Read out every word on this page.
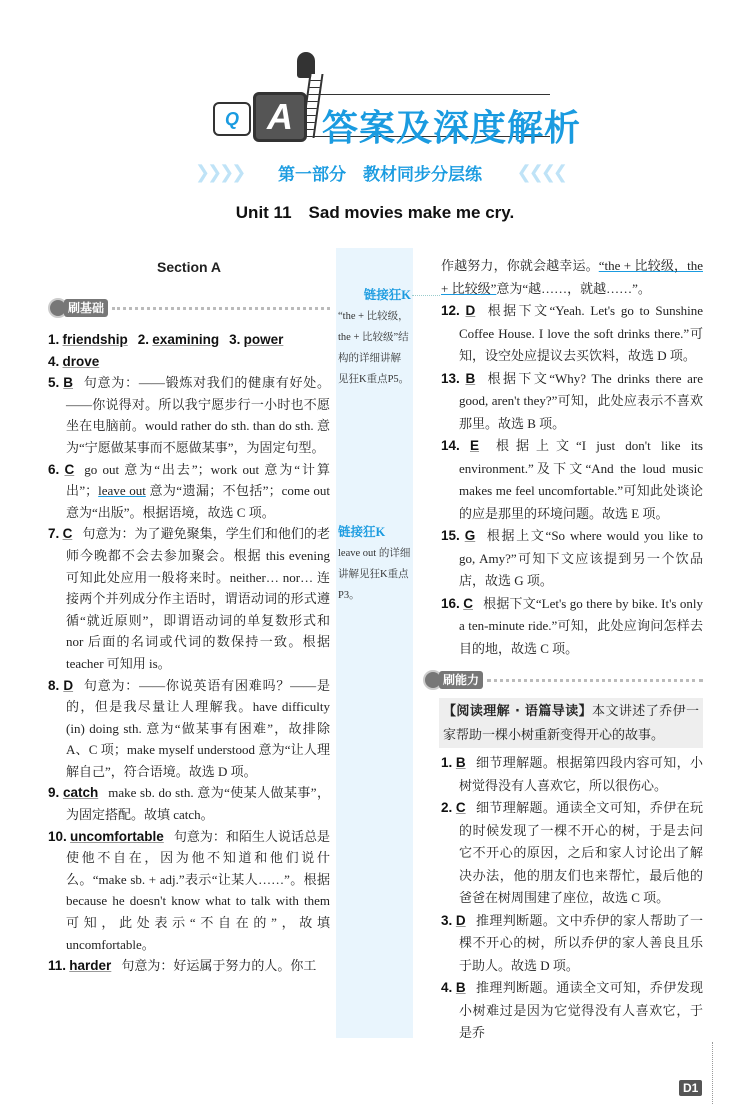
Q A 答案及深度解析
❯❯❯❯	第一部分　教材同步分层练	❮❮❮❮
Unit 11　Sad movies make me cry.
链接狂K
“the + 比较级，the + 比较级”结构的详细讲解见狂K重点P5。
链接狂K
leave out 的详细讲解见狂K重点P3。
Section A
刷基础
1. friendship 2. examining 3. power
4. drove
5. B 句意为：——锻炼对我们的健康有好处。——你说得对。所以我宁愿步行一小时也不愿坐在电脑前。would rather do sth. than do sth. 意为“宁愿做某事而不愿做某事”，为固定句型。
6. C go out 意为“出去”；work out 意为“计算出”；leave out 意为“遗漏；不包括”；come out 意为“出版”。根据语境，故选 C 项。
7. C 句意为：为了避免聚集，学生们和他们的老师今晚都不会去参加聚会。根据 this evening 可知此处应用一般将来时。neither… nor… 连接两个并列成分作主语时，谓语动词的形式遵循“就近原则”，即谓语动词的单复数形式和 nor 后面的名词或代词的数保持一致。根据 teacher 可知用 is。
8. D 句意为：——你说英语有困难吗？——是的，但是我尽量让人理解我。have difficulty (in) doing sth. 意为“做某事有困难”，故排除 A、C 项；make myself understood 意为“让人理解自己”，符合语境。故选 D 项。
9. catch make sb. do sth. 意为“使某人做某事”，为固定搭配。故填 catch。
10. uncomfortable 句意为：和陌生人说话总是使他不自在，因为他不知道和他们说什么。“make sb. + adj.”表示“让某人……”。根据 because he doesn't know what to talk with them 可知，此处表示“不自在的”，故填 uncomfortable。
11. harder 句意为：好运属于努力的人。你工
作越努力，你就会越幸运。“the + 比较级，the + 比较级”意为“越……，就越……”。
12. D 根据下文“Yeah. Let's go to Sunshine Coffee House. I love the soft drinks there.”可知，设空处应提议去买饮料，故选 D 项。
13. B 根据下文“Why? The drinks there are good, aren't they?”可知，此处应表示不喜欢那里。故选 B 项。
14. E 根据上文“I just don't like its environment.”及下文“And the loud music makes me feel uncomfortable.”可知此处谈论的应是那里的环境问题。故选 E 项。
15. G 根据上文“So where would you like to go, Amy?”可知下文应该提到另一个饮品店，故选 G 项。
16. C 根据下文“Let's go there by bike. It's only a ten-minute ride.”可知，此处应询问怎样去目的地，故选 C 项。
刷能力
【阅读理解 · 语篇导读】本文讲述了乔伊一家帮助一棵小树重新变得开心的故事。
1. B 细节理解题。根据第四段内容可知，小树觉得没有人喜欢它，所以很伤心。
2. C 细节理解题。通读全文可知，乔伊在玩的时候发现了一棵不开心的树，于是去问它不开心的原因，之后和家人讨论出了解决办法，他的朋友们也来帮忙，最后他的爸爸在树周围建了座位，故选 C 项。
3. D 推理判断题。文中乔伊的家人帮助了一棵不开心的树，所以乔伊的家人善良且乐于助人。故选 D 项。
4. B 推理判断题。通读全文可知，乔伊发现小树难过是因为它觉得没有人喜欢它，于是乔
D1
